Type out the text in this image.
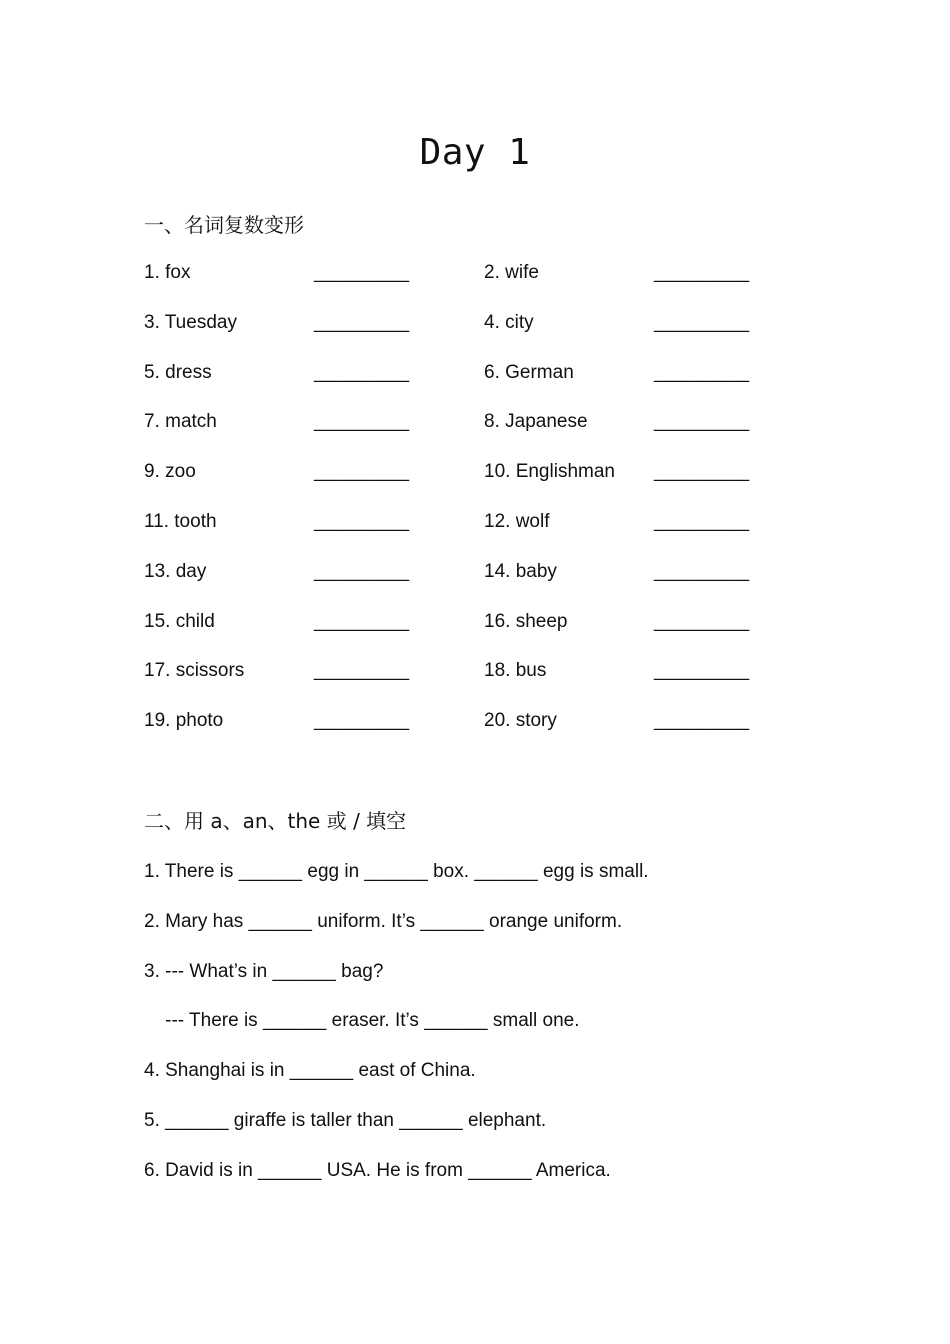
Day 1
一、名词复数变形
1. fox	_________	2. wife	_________
3. Tuesday	_________	4. city	_________
5. dress	_________	6. German	_________
7. match	_________	8. Japanese	_________
9. zoo	_________	10. Englishman _________
11. tooth	_________	12. wolf	_________
13. day	_________	14. baby	_________
15. child	_________	16. sheep	_________
17. scissors	_________	18. bus	_________
19. photo	_________	20. story	_________
二、用 a、an、the 或 / 填空
1. There is ______ egg in ______ box. ______ egg is small.
2. Mary has ______ uniform. It’s ______ orange uniform.
3. --- What’s in ______ bag?
--- There is ______ eraser. It’s ______ small one.
4. Shanghai is in ______ east of China.
5. ______ giraffe is taller than ______ elephant.
6. David is in ______ USA. He is from ______ America.
